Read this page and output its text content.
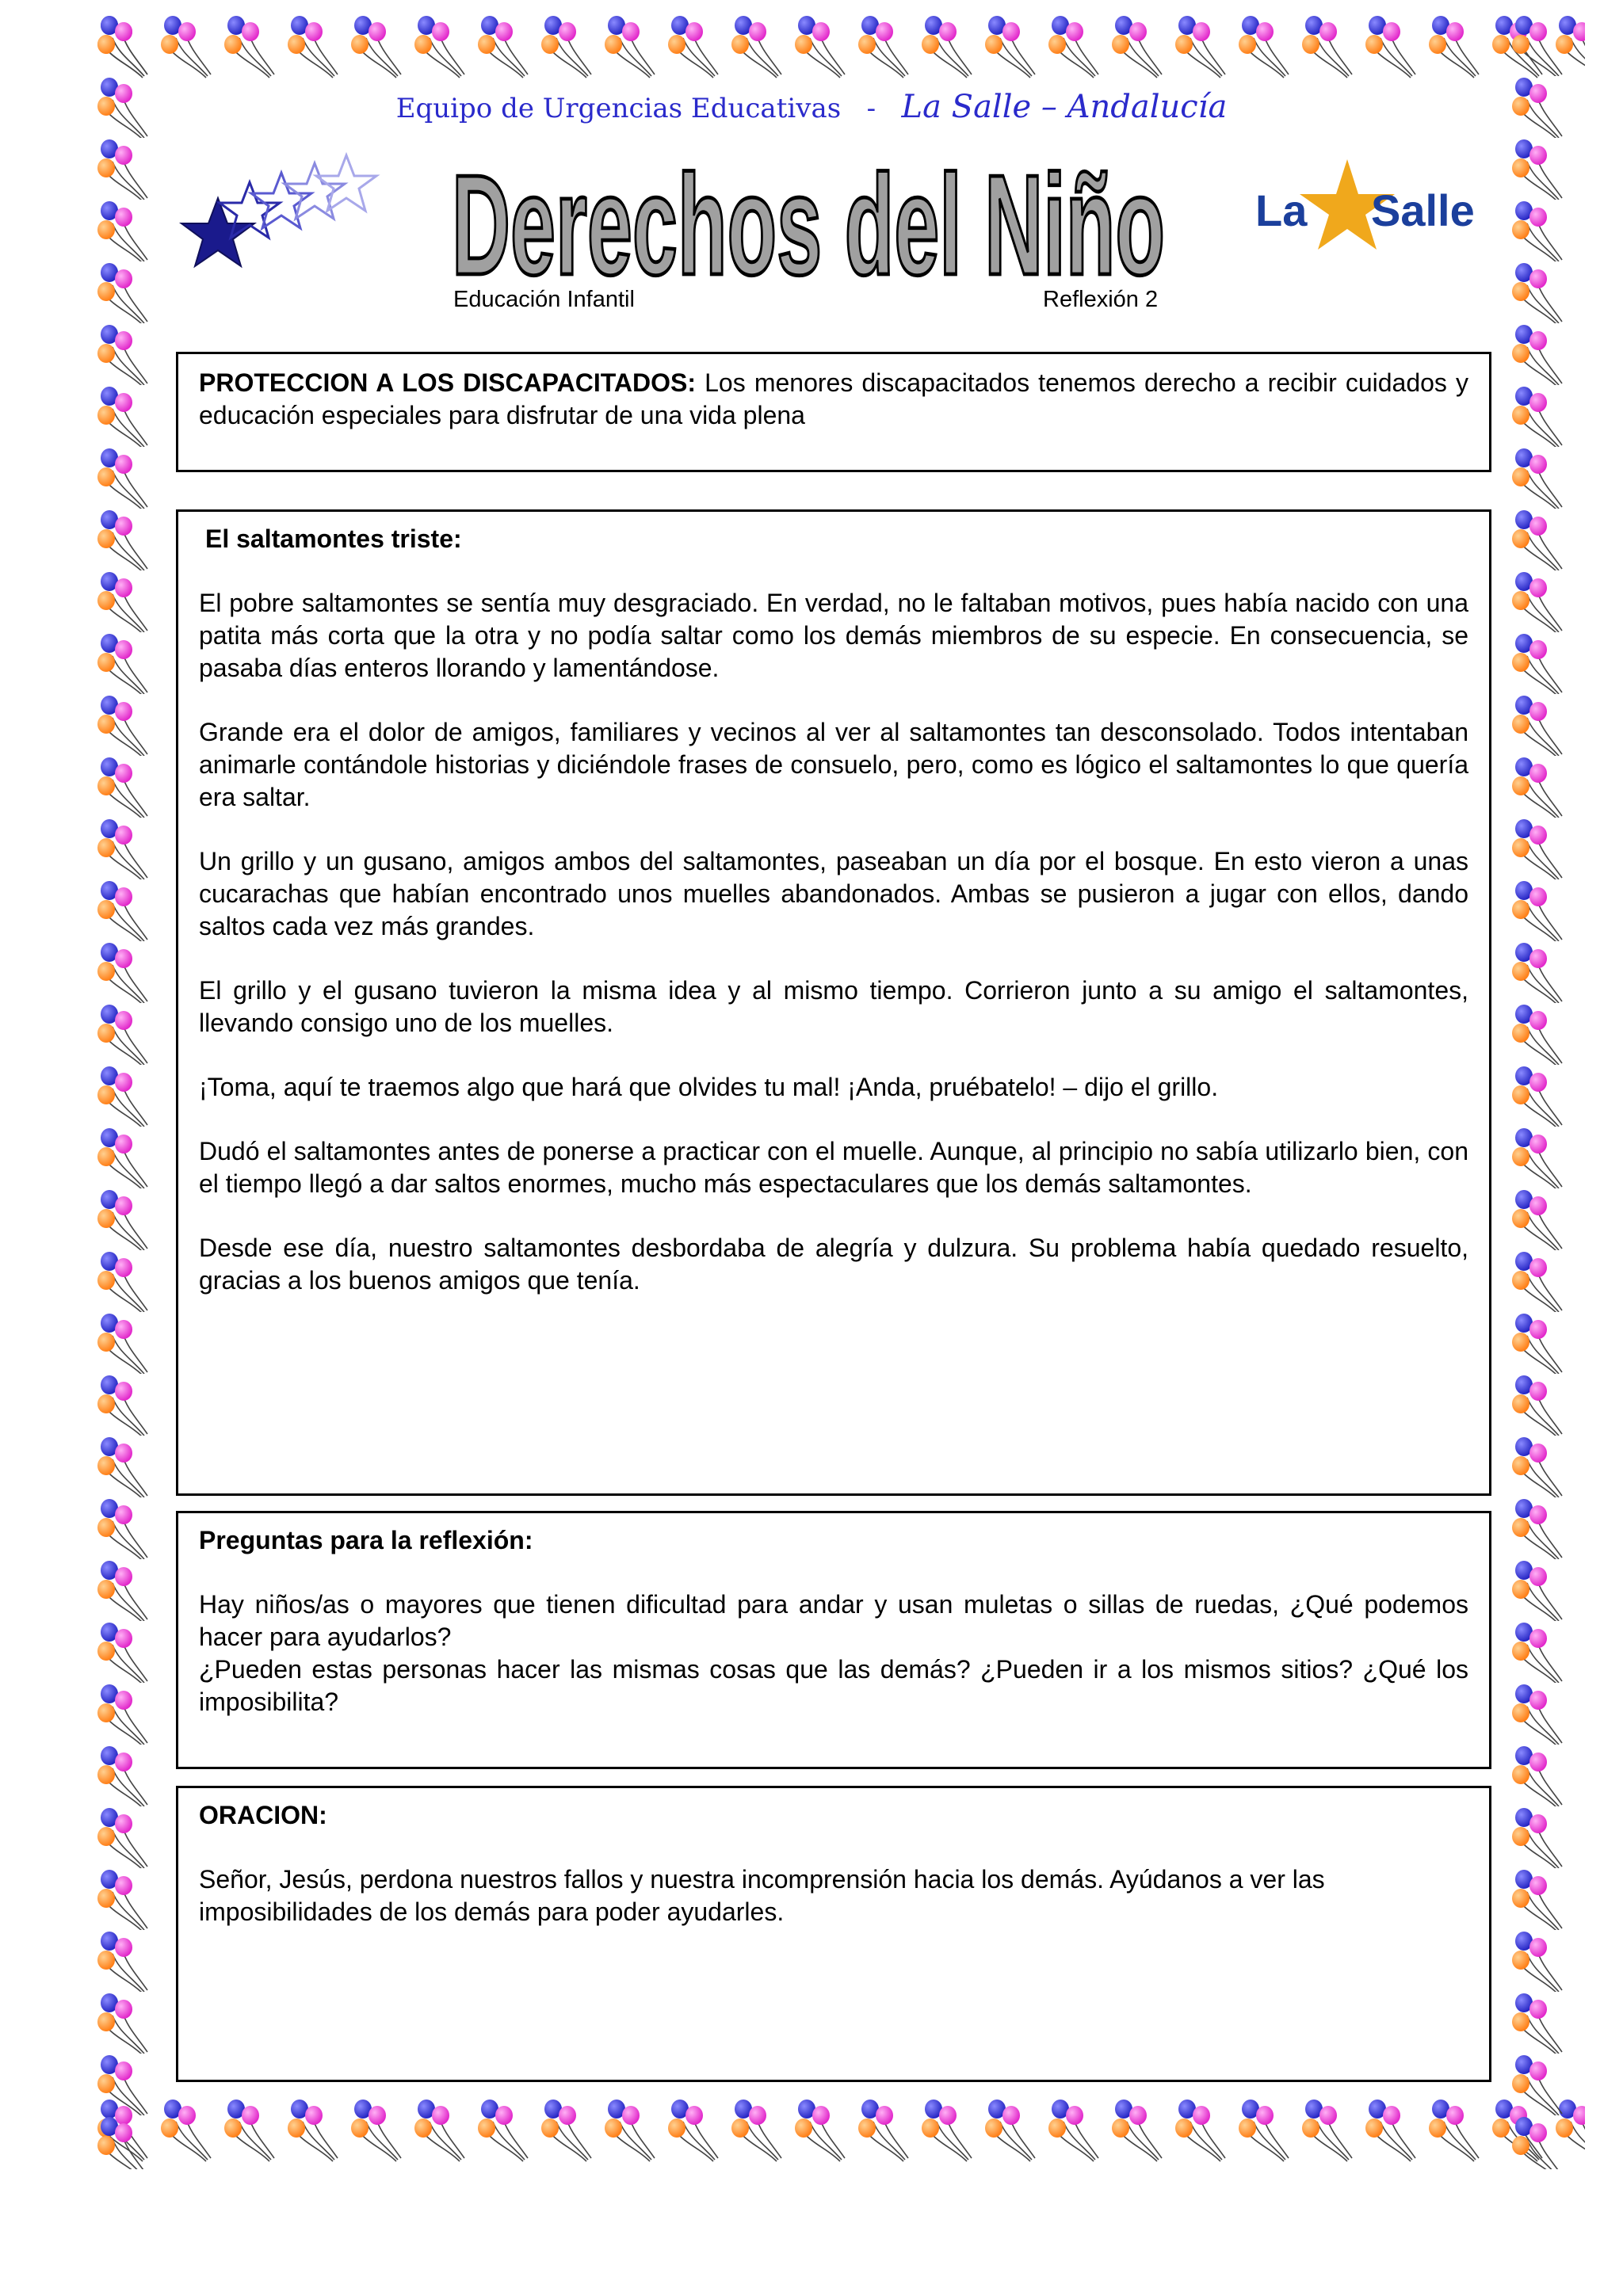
Equipo de Urgencias Educativas - La Salle – Andalucía
Derechos del Niño La Salle
Educación Infantil	Reflexión 2

PROTECCION A LOS DISCAPACITADOS: Los menores discapacitados tenemos derecho a recibir cuidados y educación especiales para disfrutar de una vida plena

El saltamontes triste:

El pobre saltamontes se sentía muy desgraciado. En verdad, no le faltaban motivos, pues había nacido con una patita más corta que la otra y no podía saltar como los demás miembros de su especie. En consecuencia, se pasaba días enteros llorando y lamentándose.

Grande era el dolor de amigos, familiares y vecinos al ver al saltamontes tan desconsolado. Todos intentaban animarle contándole historias y diciéndole frases de consuelo, pero, como es lógico el saltamontes lo que quería era saltar.

Un grillo y un gusano, amigos ambos del saltamontes, paseaban un día por el bosque. En esto vieron a unas cucarachas que habían encontrado unos muelles abandonados. Ambas se pusieron a jugar con ellos, dando saltos cada vez más grandes.

El grillo y el gusano tuvieron la misma idea y al mismo tiempo. Corrieron junto a su amigo el saltamontes, llevando consigo uno de los muelles.

¡Toma, aquí te traemos algo que hará que olvides tu mal! ¡Anda, pruébatelo! – dijo el grillo.

Dudó el saltamontes antes de ponerse a practicar con el muelle. Aunque, al principio no sabía utilizarlo bien, con el tiempo llegó a dar saltos enormes, mucho más espectaculares que los demás saltamontes.

Desde ese día, nuestro saltamontes desbordaba de alegría y dulzura. Su problema había quedado resuelto, gracias a los buenos amigos que tenía.

Preguntas para la reflexión:

Hay niños/as o mayores que tienen dificultad para andar y usan muletas o sillas de ruedas, ¿Qué podemos hacer para ayudarlos?

¿Pueden estas personas hacer las mismas cosas que las demás? ¿Pueden ir a los mismos sitios? ¿Qué los imposibilita?

ORACION:

Señor, Jesús, perdona nuestros fallos y nuestra incomprensión hacia los demás. Ayúdanos a ver las imposibilidades de los demás para poder ayudarles.
